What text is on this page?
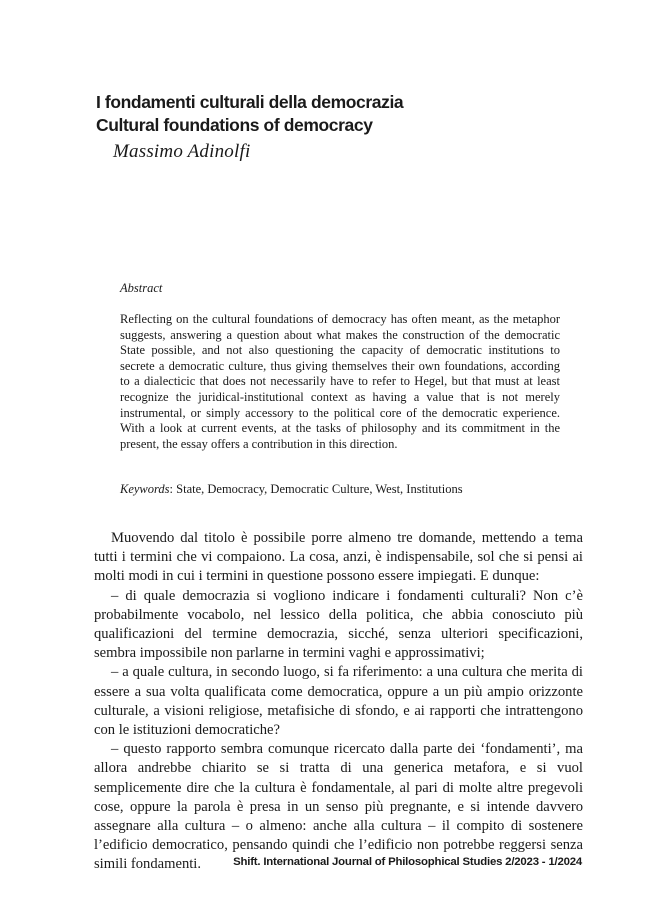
I fondamenti culturali della democrazia
Cultural foundations of democracy

Massimo Adinolfi

Abstract

Reflecting on the cultural foundations of democracy has often meant, as the metaphor suggests, answering a question about what makes the construction of the democratic State possible, and not also questioning the capacity of democratic institutions to secrete a democratic culture, thus giving themselves their own foundations, according to a dialecticic that does not necessarily have to refer to Hegel, but that must at least recognize the juridical-institutional context as having a value that is not merely instrumental, or simply accessory to the political core of the democratic experience. With a look at current events, at the tasks of philosophy and its commitment in the present, the essay offers a contribution in this direction.

Keywords: State, Democracy, Democratic Culture, West, Institutions

Muovendo dal titolo è possibile porre almeno tre domande, mettendo a tema tutti i termini che vi compaiono. La cosa, anzi, è indispensabile, sol che si pensi ai molti modi in cui i termini in questione possono essere impiegati. E dunque:

– di quale democrazia si vogliono indicare i fondamenti culturali? Non c’è probabilmente vocabolo, nel lessico della politica, che abbia conosciuto più qualificazioni del termine democrazia, sicché, senza ulteriori specificazioni, sembra impossibile non parlarne in termini vaghi e approssimativi;

– a quale cultura, in secondo luogo, si fa riferimento: a una cultura che merita di essere a sua volta qualificata come democratica, oppure a un più ampio orizzonte culturale, a visioni religiose, metafisiche di sfondo, e ai rapporti che intrattengono con le istituzioni democratiche?

– questo rapporto sembra comunque ricercato dalla parte dei ‘fondamenti’, ma allora andrebbe chiarito se si tratta di una generica metafora, e si vuol semplicemente dire che la cultura è fondamentale, al pari di molte altre pregevoli cose, oppure la parola è presa in un senso più pregnante, e si intende davvero assegnare alla cultura – o almeno: anche alla cultura – il compito di sostenere l’edificio democratico, pensando quindi che l’edificio non potrebbe reggersi senza simili fondamenti.	Shift. International Journal of Philosophical Studies 2/2023 - 1/2024
